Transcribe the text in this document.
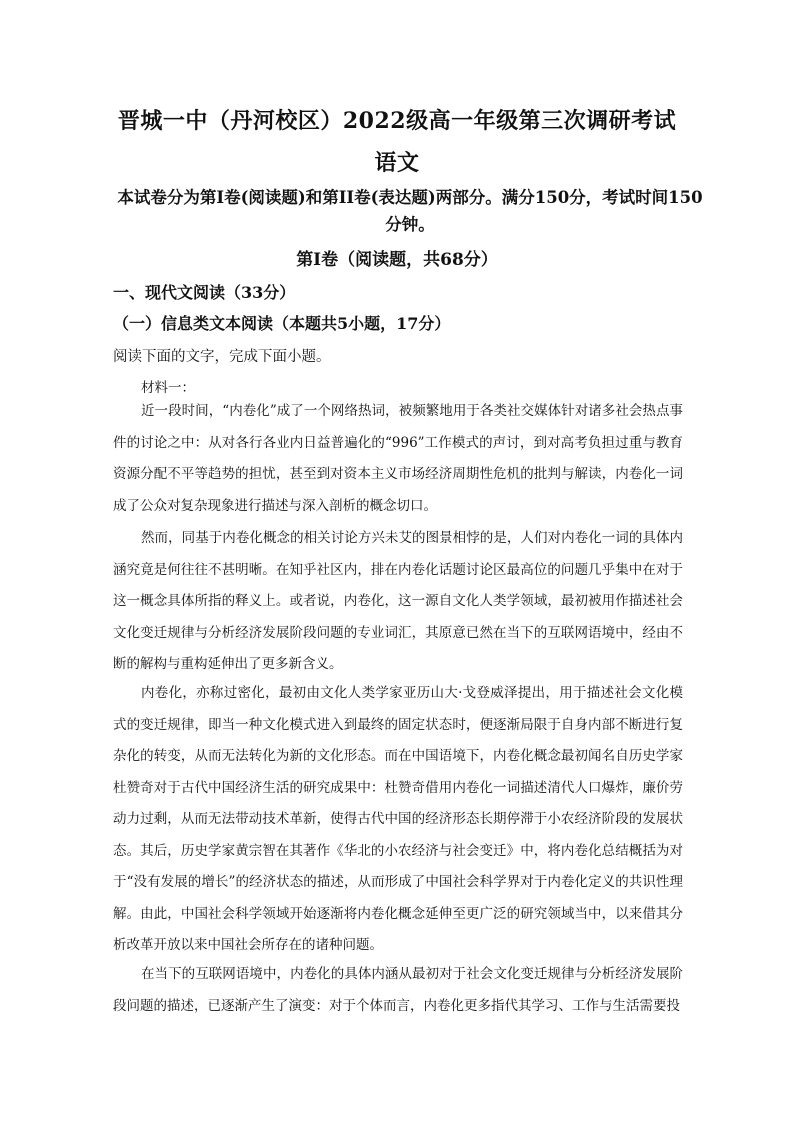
晋城一中（丹河校区）2022级高一年级第三次调研考试
语文
本试卷分为第I卷(阅读题)和第II卷(表达题)两部分。满分150分，考试时间150
分钟。
第I卷（阅读题，共68分）
一、现代文阅读（33分）
（一）信息类文本阅读（本题共5小题，17分）
阅读下面的文字，完成下面小题。
材料一：
近一段时间，“内卷化”成了一个网络热词，被频繁地用于各类社交媒体针对诸多社会热点事件的讨论之中：从对各行各业内日益普遍化的“996”工作模式的声讨，到对高考负担过重与教育资源分配不平等趋势的担忧，甚至到对资本主义市场经济周期性危机的批判与解读，内卷化一词成了公众对复杂现象进行描述与深入剖析的概念切口。
然而，同基于内卷化概念的相关讨论方兴未艾的图景相悖的是，人们对内卷化一词的具体内涵究竟是何往往不甚明晰。在知乎社区内，排在内卷化话题讨论区最高位的问题几乎集中在对于这一概念具体所指的释义上。或者说，内卷化，这一源自文化人类学领域，最初被用作描述社会文化变迁规律与分析经济发展阶段问题的专业词汇，其原意已然在当下的互联网语境中，经由不断的解构与重构延伸出了更多新含义。
内卷化，亦称过密化，最初由文化人类学家亚历山大·戈登威泽提出，用于描述社会文化模式的变迁规律，即当一种文化模式进入到最终的固定状态时，便逐渐局限于自身内部不断进行复杂化的转变，从而无法转化为新的文化形态。而在中国语境下，内卷化概念最初闻名自历史学家杜赞奇对于古代中国经济生活的研究成果中：杜赞奇借用内卷化一词描述清代人口爆炸，廉价劳动力过剩，从而无法带动技术革新，使得古代中国的经济形态长期停滞于小农经济阶段的发展状态。其后，历史学家黄宗智在其著作《华北的小农经济与社会变迁》中，将内卷化总结概括为对于“没有发展的增长”的经济状态的描述，从而形成了中国社会科学界对于内卷化定义的共识性理解。由此，中国社会科学领域开始逐渐将内卷化概念延伸至更广泛的研究领域当中，以来借其分析改革开放以来中国社会所存在的诸种问题。
在当下的互联网语境中，内卷化的具体内涵从最初对于社会文化变迁规律与分析经济发展阶段问题的描述，已逐渐产生了演变：对于个体而言，内卷化更多指代其学习、工作与生活需要投
